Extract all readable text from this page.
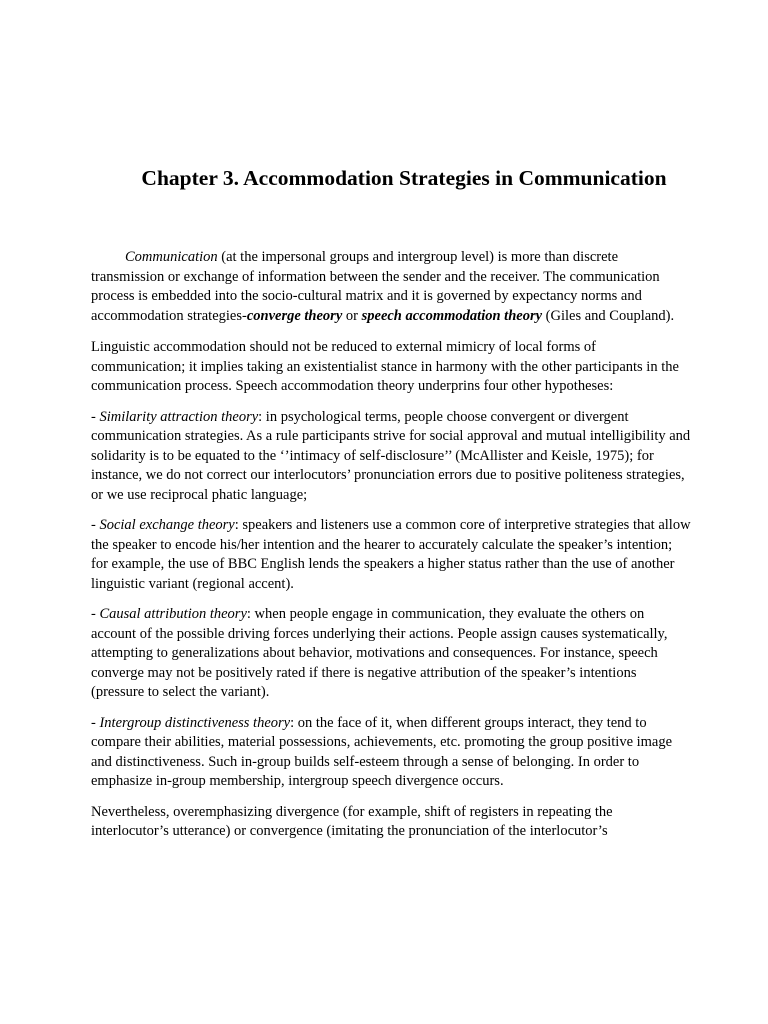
Chapter 3. Accommodation Strategies in Communication

Communication (at the impersonal groups and intergroup level) is more than discrete transmission or exchange of information between the sender and the receiver. The communication process is embedded into the socio-cultural matrix and it is governed by expectancy norms and accommodation strategies-converge theory or speech accommodation theory (Giles and Coupland).

Linguistic accommodation should not be reduced to external mimicry of local forms of communication; it implies taking an existentialist stance in harmony with the other participants in the communication process. Speech accommodation theory underprins four other hypotheses:

- Similarity attraction theory: in psychological terms, people choose convergent or divergent communication strategies. As a rule participants strive for social approval and mutual intelligibility and solidarity is to be equated to the ‘’intimacy of self-disclosure’’ (McAllister and Keisle, 1975); for instance, we do not correct our interlocutors’ pronunciation errors due to positive politeness strategies, or we use reciprocal phatic language;

- Social exchange theory: speakers and listeners use a common core of interpretive strategies that allow the speaker to encode his/her intention and the hearer to accurately calculate the speaker’s intention; for example, the use of BBC English lends the speakers a higher status rather than the use of another linguistic variant (regional accent).

- Causal attribution theory: when people engage in communication, they evaluate the others on account of the possible driving forces underlying their actions. People assign causes systematically, attempting to generalizations about behavior, motivations and consequences. For instance, speech converge may not be positively rated if there is negative attribution of the speaker’s intentions (pressure to select the variant).

- Intergroup distinctiveness theory: on the face of it, when different groups interact, they tend to compare their abilities, material possessions, achievements, etc. promoting the group positive image and distinctiveness. Such in-group builds self-esteem through a sense of belonging. In order to emphasize in-group membership, intergroup speech divergence occurs.

Nevertheless, overemphasizing divergence (for example, shift of registers in repeating the interlocutor’s utterance) or convergence (imitating the pronunciation of the interlocutor’s
